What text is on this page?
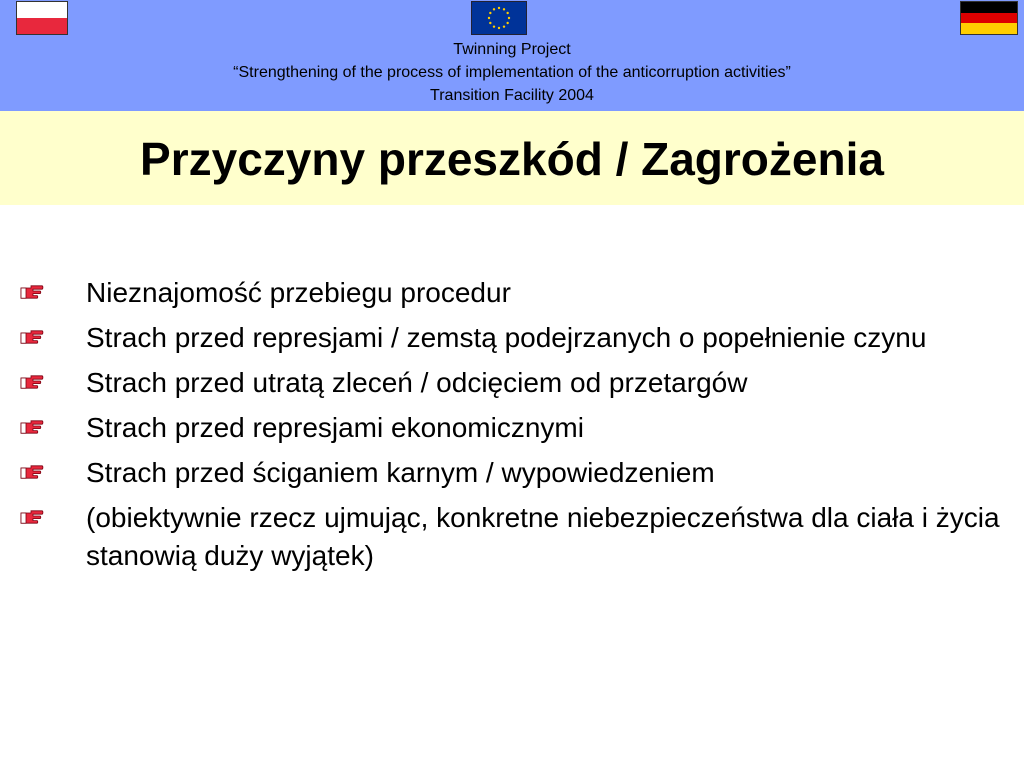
Twinning Project
“Strengthening of the process of implementation of the anticorruption activities”
Transition Facility 2004
Przyczyny przeszkód / Zagrożenia
Nieznajomość przebiegu procedur
Strach przed represjami / zemstą podejrzanych o popełnienie czynu
Strach przed utratą zleceń / odcięciem od przetargów
Strach przed represjami ekonomicznymi
Strach przed ściganiem karnym / wypowiedzeniem
(obiektywnie rzecz ujmując, konkretne niebezpieczeństwa dla ciała i życia stanowią duży wyjątek)
